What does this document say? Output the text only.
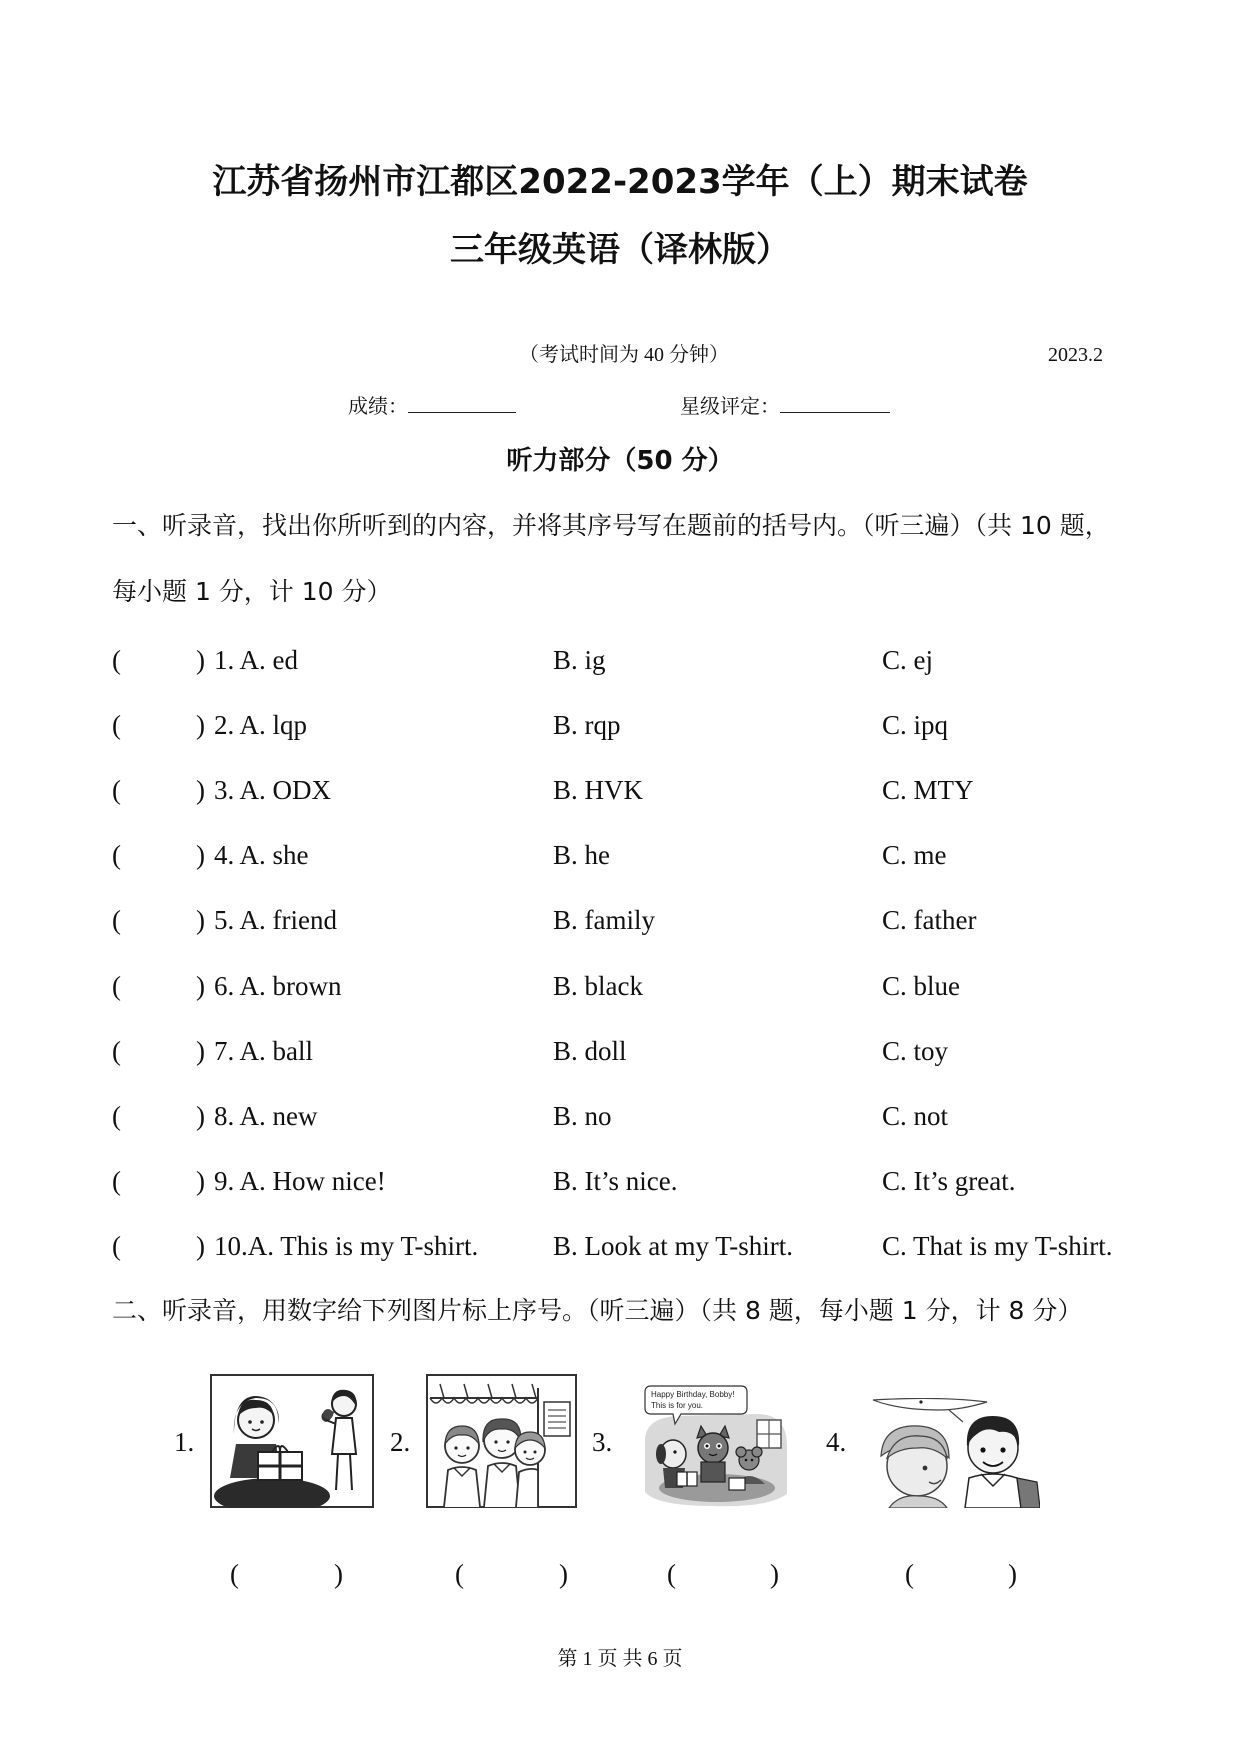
江苏省扬州市江都区2022-2023学年（上）期末试卷
三年级英语（译林版）
（考试时间为 40 分钟）	2023.2
成绩：	星级评定：
听力部分（50 分）
一、听录音，找出你所听到的内容，并将其序号写在题前的括号内。（听三遍）（共 10 题，
每小题 1 分，计 10 分）
(	) 1. A. ed	B. ig	C. ej
(	) 2. A. lqp	B. rqp	C. ipq
(	) 3. A. ODX	B. HVK	C. MTY
(	) 4. A. she	B. he	C. me
(	) 5. A. friend	B. family	C. father
(	) 6. A. brown	B. black	C. blue
(	) 7. A. ball	B. doll	C. toy
(	) 8. A. new	B. no	C. not
(	) 9. A. How nice!	B. It’s nice.	C. It’s great.
(	) 10.A. This is my T-shirt.	B. Look at my T-shirt.	C. That is my T-shirt.
二、听录音，用数字给下列图片标上序号。（听三遍）（共 8 题，每小题 1 分，计 8 分）
1.	2.	3.	4.
Happy Birthday, Bobby!
This is for you.
(	)	(	)	(	)	(	)
第 1 页 共 6 页
